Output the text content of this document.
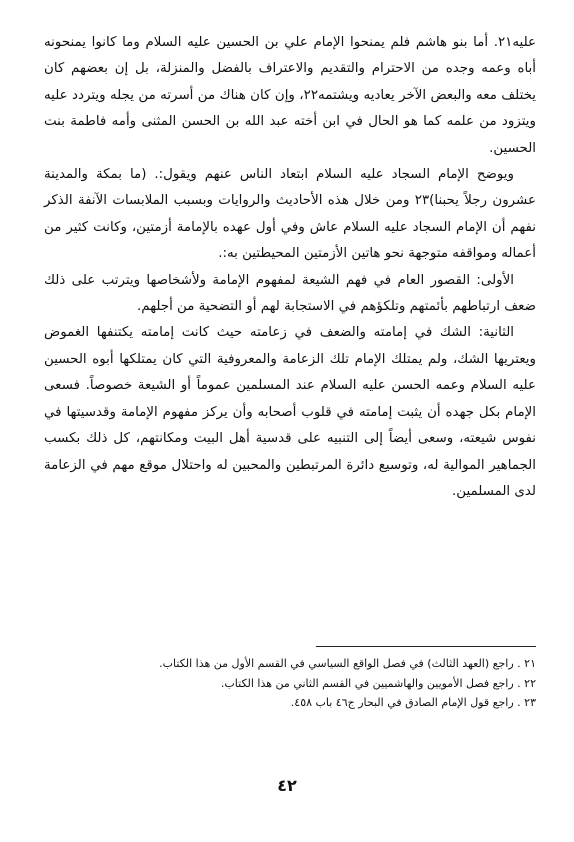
عليه٢١. أما بنو هاشم فلم يمنحوا الإمام علي بن الحسين عليه السلام وما كانوا يمنحونه أباه وعمه وجده من الاحترام والتقديم والاعتراف بالفضل والمنزلة، بل إن بعضهم كان يختلف معه والبعض الآخر يعاديه ويشتمه٢٢، وإن كان هناك من أسرته من يجله ويتردد عليه ويتزود من علمه كما هو الحال في ابن أخته عبد الله بن الحسن المثنى وأمه فاطمة بنت الحسين.

ويوضح الإمام السجاد عليه السلام ابتعاد الناس عنهم ويقول:. (ما بمكة والمدينة عشرون رجلاً يحبنا)٢٣ ومن خلال هذه الأحاديث والروايات وبسبب الملابسات الآنفة الذكر نفهم أن الإمام السجاد عليه السلام عاش وفي أول عهده بالإمامة أزمتين، وكانت كثير من أعماله ومواقفه متوجهة نحو هاتين الأزمتين المحيطتين به:.

الأولى: القصور العام في فهم الشيعة لمفهوم الإمامة ولأشخاصها ويترتب على ذلك ضعف ارتباطهم بأئمتهم وتلكؤهم في الاستجابة لهم أو التضحية من أجلهم.

الثانية: الشك في إمامته والضعف في زعامته حيث كانت إمامته يكتنفها الغموض ويعتريها الشك، ولم يمتلك الإمام تلك الزعامة والمعروفية التي كان يمتلكها أبوه الحسين عليه السلام وعمه الحسن عليه السلام عند المسلمين عموماً أو الشيعة خصوصاً. فسعى الإمام بكل جهده أن يثبت إمامته في قلوب أصحابه وأن يركز مفهوم الإمامة وقدسيتها في نفوس شيعته، وسعى أيضاً إلى التنبيه على قدسية أهل البيت ومكانتهم، كل ذلك بكسب الجماهير الموالية له، وتوسيع دائرة المرتبطين والمحبين له واحتلال موقع مهم في الزعامة لدى المسلمين.

٢١ . راجع (العهد الثالث) في فصل الواقع السياسي في القسم الأول من هذا الكتاب.
٢٢ . راجع فصل الأمويين والهاشميين في القسم الثاني من هذا الكتاب.
٢٣ . راجع قول الإمام الصادق في البحار ج٤٦ باب ٤٥٨.
٤٢
